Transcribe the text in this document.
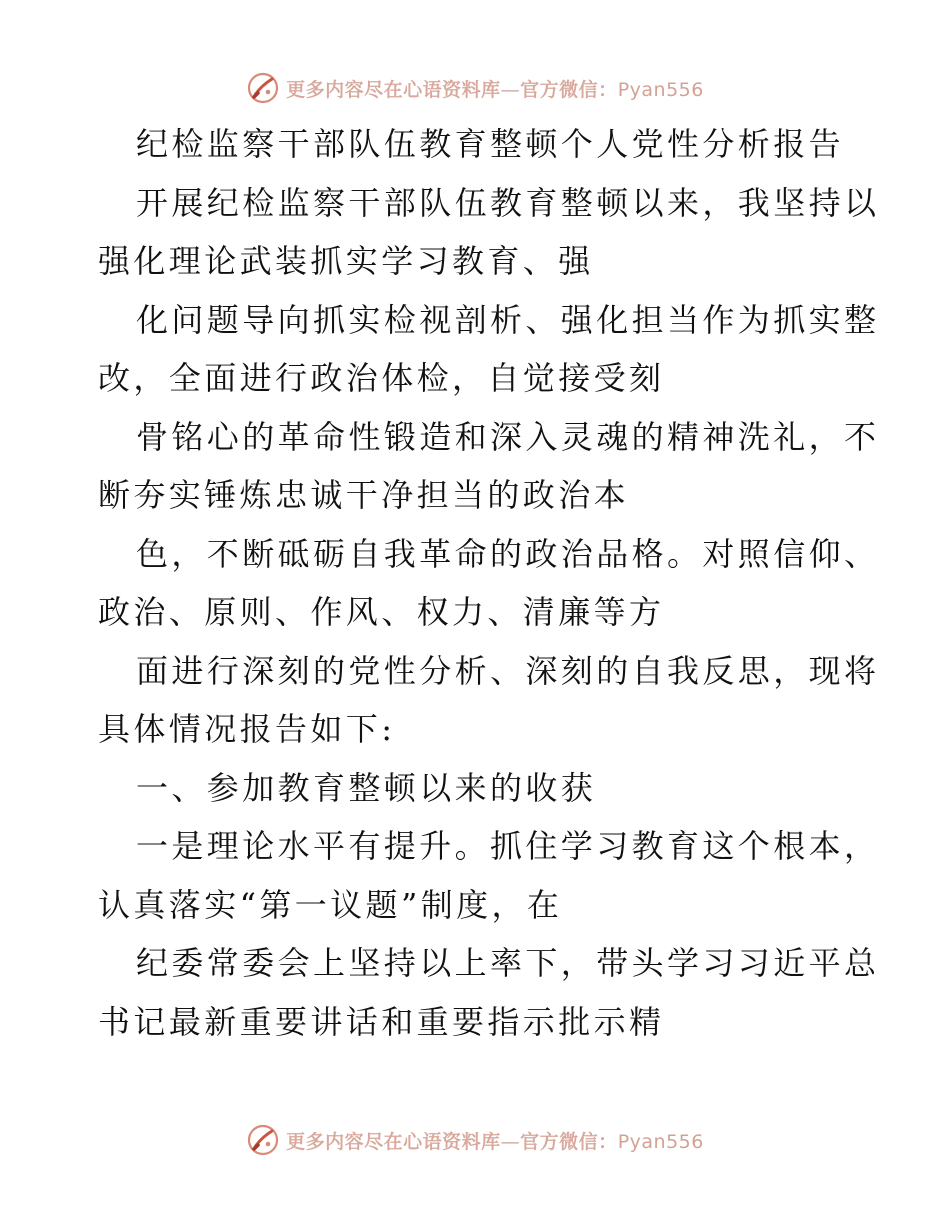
更多内容尽在心语资料库—官方微信：Pyan556
纪检监察干部队伍教育整顿个人党性分析报告
开展纪检监察干部队伍教育整顿以来，我坚持以
强化理论武装抓实学习教育、强
化问题导向抓实检视剖析、强化担当作为抓实整
改，全面进行政治体检，自觉接受刻
骨铭心的革命性锻造和深入灵魂的精神洗礼，不
断夯实锤炼忠诚干净担当的政治本
色，不断砥砺自我革命的政治品格。对照信仰、
政治、原则、作风、权力、清廉等方
面进行深刻的党性分析、深刻的自我反思，现将
具体情况报告如下:
一、参加教育整顿以来的收获
一是理论水平有提升。抓住学习教育这个根本，
认真落实“第一议题”制度，在
纪委常委会上坚持以上率下，带头学习习近平总
书记最新重要讲话和重要指示批示精
更多内容尽在心语资料库—官方微信：Pyan556
